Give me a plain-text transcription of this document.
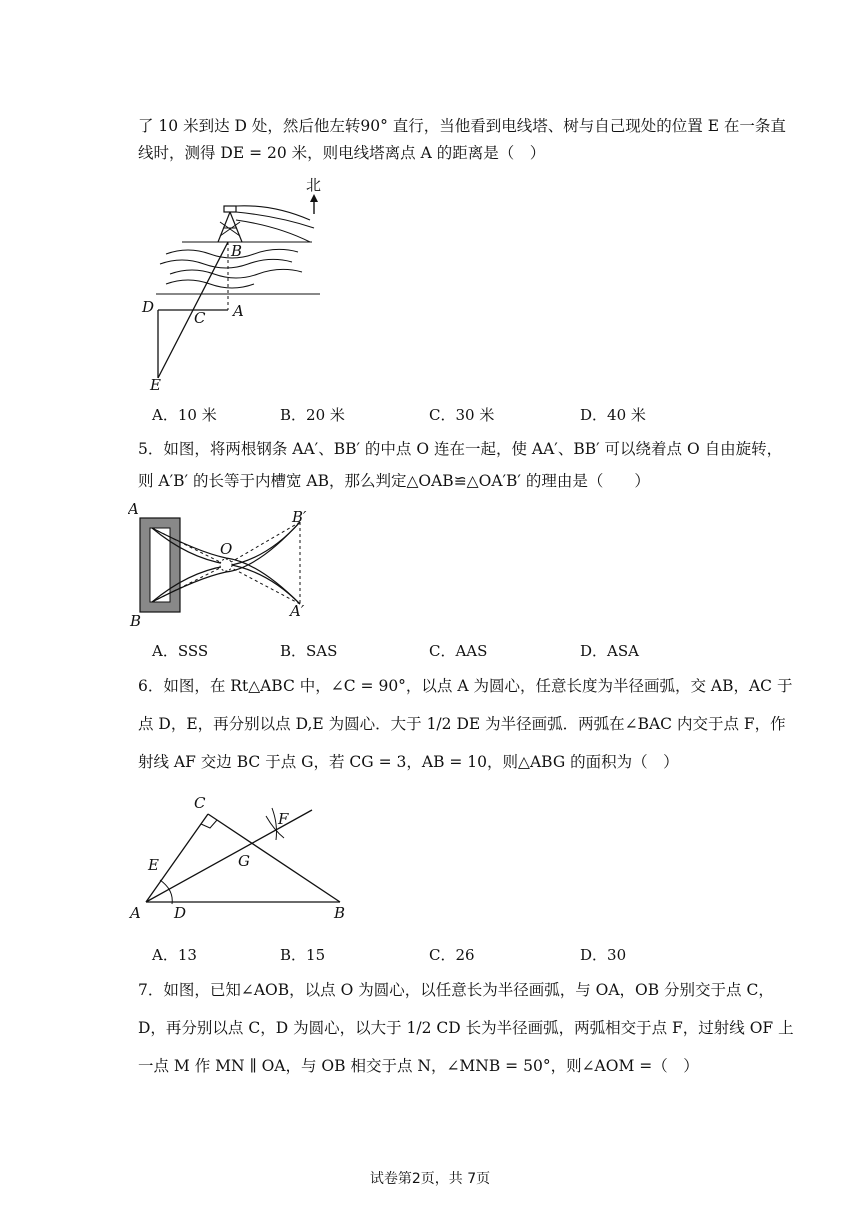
了 10 米到达 D 处，然后他左转90° 直行，当他看到电线塔、树与自己现处的位置 E 在一条直
线时，测得 DE = 20 米，则电线塔离点 A 的距离是（　）
北
B
D
C A
E
A．10 米	B．20 米	C．30 米	D．40 米
5．如图，将两根钢条 AA′、BB′ 的中点 O 连在一起，使 AA′、BB′ 可以绕着点 O 自由旋转，
则 A′B′ 的长等于内槽宽 AB，那么判定△OAB≌△OA′B′ 的理由是（　　）
A
B
O
B′
A′
A．SSS	B．SAS	C．AAS	D．ASA
6．如图，在 Rt△ABC 中，∠C = 90°，以点 A 为圆心，任意长度为半径画弧，交 AB，AC 于
点 D，E，再分别以点 D,E 为圆心．大于 1/2 DE 为半径画弧．两弧在∠BAC 内交于点 F，作
射线 AF 交边 BC 于点 G，若 CG = 3，AB = 10，则△ABG 的面积为（　）
C
F
E	G
A D	B
A．13	B．15	C．26	D．30
7．如图，已知∠AOB，以点 O 为圆心，以任意长为半径画弧，与 OA，OB 分别交于点 C，
D，再分别以点 C，D 为圆心，以大于 1/2 CD 长为半径画弧，两弧相交于点 F，过射线 OF 上
一点 M 作 MN ∥ OA，与 OB 相交于点 N，∠MNB = 50°，则∠AOM =（　）
试卷第2页，共 7页
